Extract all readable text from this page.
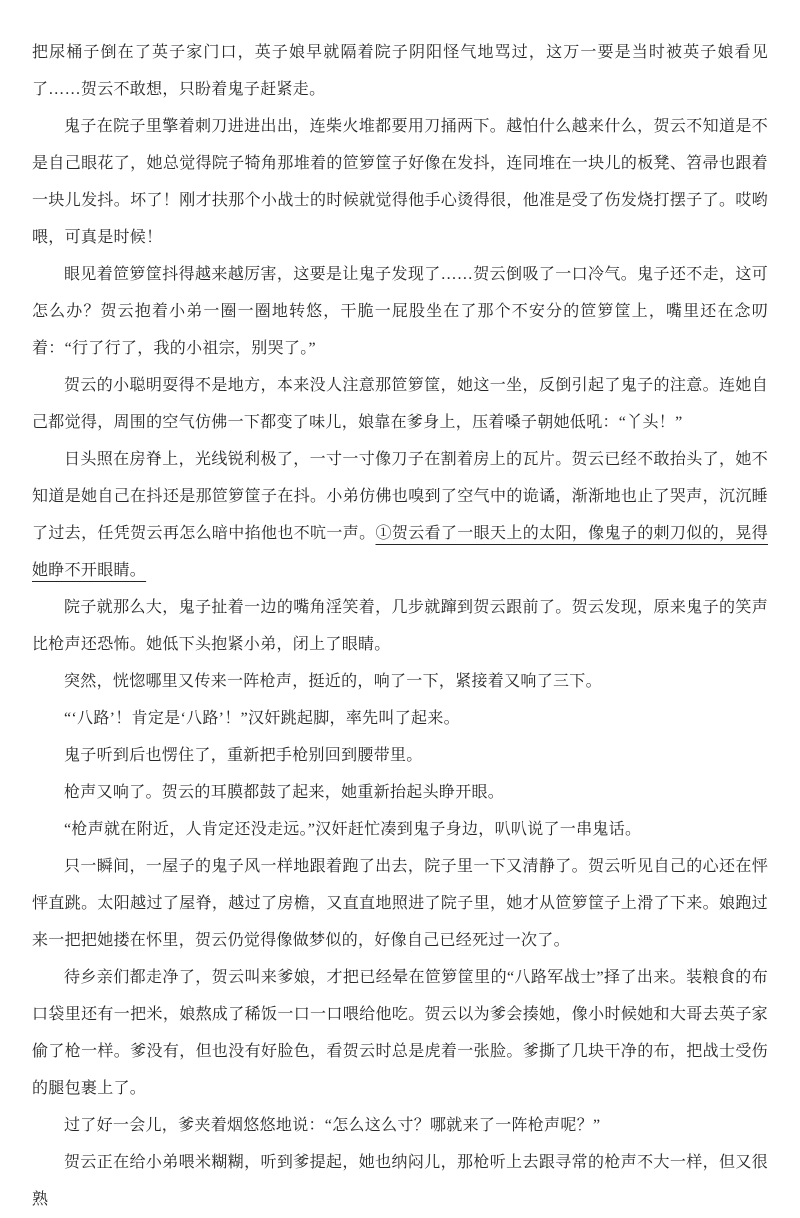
把尿桶子倒在了英子家门口，英子娘早就隔着院子阴阳怪气地骂过，这万一要是当时被英子娘看见了……贺云不敢想，只盼着鬼子赶紧走。

鬼子在院子里擎着刺刀进进出出，连柴火堆都要用刀捅两下。越怕什么越来什么，贺云不知道是不是自己眼花了，她总觉得院子犄角那堆着的笸箩筐子好像在发抖，连同堆在一块儿的板凳、笤帚也跟着一块儿发抖。坏了！刚才扶那个小战士的时候就觉得他手心烫得很，他准是受了伤发烧打摆子了。哎哟喂，可真是时候！

眼见着笸箩筐抖得越来越厉害，这要是让鬼子发现了……贺云倒吸了一口冷气。鬼子还不走，这可怎么办？贺云抱着小弟一圈一圈地转悠，干脆一屁股坐在了那个不安分的笸箩筐上，嘴里还在念叨着：“行了行了，我的小祖宗，别哭了。”

贺云的小聪明耍得不是地方，本来没人注意那笸箩筐，她这一坐，反倒引起了鬼子的注意。连她自己都觉得，周围的空气仿佛一下都变了味儿，娘靠在爹身上，压着嗓子朝她低吼：“丫头！”

日头照在房脊上，光线锐利极了，一寸一寸像刀子在割着房上的瓦片。贺云已经不敢抬头了，她不知道是她自己在抖还是那笸箩筐子在抖。小弟仿佛也嗅到了空气中的诡谲，渐渐地也止了哭声，沉沉睡了过去，任凭贺云再怎么暗中掐他也不吭一声。①贺云看了一眼天上的太阳，像鬼子的刺刀似的，晃得她睁不开眼睛。

院子就那么大，鬼子扯着一边的嘴角淫笑着，几步就蹿到贺云跟前了。贺云发现，原来鬼子的笑声比枪声还恐怖。她低下头抱紧小弟，闭上了眼睛。

突然，恍惚哪里又传来一阵枪声，挺近的，响了一下，紧接着又响了三下。

“‘八路’！肯定是‘八路’！”汉奸跳起脚，率先叫了起来。

鬼子听到后也愣住了，重新把手枪别回到腰带里。

枪声又响了。贺云的耳膜都鼓了起来，她重新抬起头睁开眼。

“枪声就在附近，人肯定还没走远。”汉奸赶忙凑到鬼子身边，叭叭说了一串鬼话。

只一瞬间，一屋子的鬼子风一样地跟着跑了出去，院子里一下又清静了。贺云听见自己的心还在怦怦直跳。太阳越过了屋脊，越过了房檐，又直直地照进了院子里，她才从笸箩筐子上滑了下来。娘跑过来一把把她搂在怀里，贺云仍觉得像做梦似的，好像自己已经死过一次了。

待乡亲们都走净了，贺云叫来爹娘，才把已经晕在笸箩筐里的“八路军战士”择了出来。装粮食的布口袋里还有一把米，娘熬成了稀饭一口一口喂给他吃。贺云以为爹会揍她，像小时候她和大哥去英子家偷了枪一样。爹没有，但也没有好脸色，看贺云时总是虎着一张脸。爹撕了几块干净的布，把战士受伤的腿包裹上了。

过了好一会儿，爹夹着烟悠悠地说：“怎么这么寸？哪就来了一阵枪声呢？”

贺云正在给小弟喂米糊糊，听到爹提起，她也纳闷儿，那枪听上去跟寻常的枪声不大一样，但又很熟
